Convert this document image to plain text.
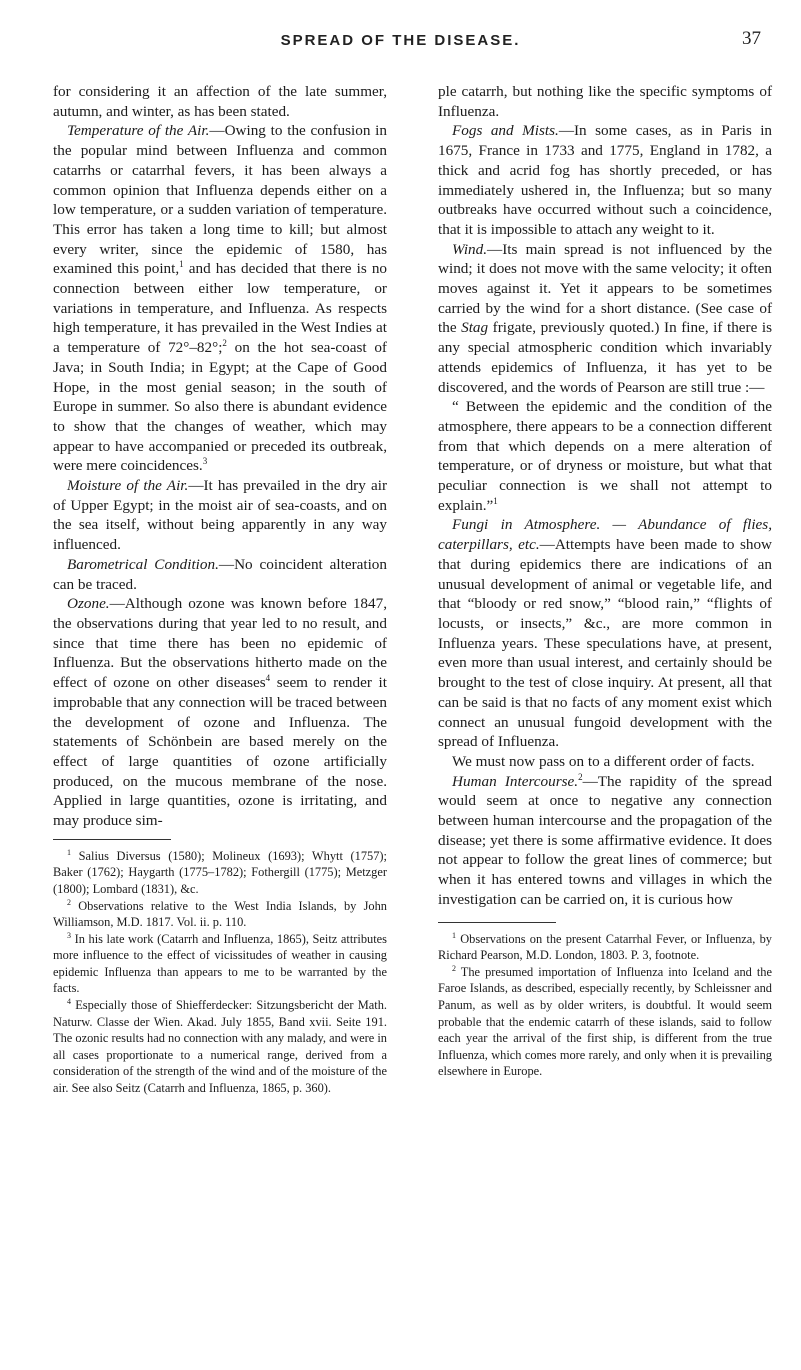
SPREAD OF THE DISEASE.	37

for considering it an affection of the late summer, autumn, and winter, as has been stated.

Temperature of the Air.—Owing to the confusion in the popular mind between Influenza and common catarrhs or catarrhal fevers, it has been always a common opinion that Influenza depends either on a low temperature, or a sudden variation of temperature. This error has taken a long time to kill; but almost every writer, since the epidemic of 1580, has examined this point,$^1$ and has decided that there is no connection between either low temperature, or variations in temperature, and Influenza. As respects high temperature, it has prevailed in the West Indies at a temperature of 72°–82°;$^2$ on the hot sea-coast of Java; in South India; in Egypt; at the Cape of Good Hope, in the most genial season; in the south of Europe in summer. So also there is abundant evidence to show that the changes of weather, which may appear to have accompanied or preceded its outbreak, were mere coincidences.$^3$

Moisture of the Air.—It has prevailed in the dry air of Upper Egypt; in the moist air of sea-coasts, and on the sea itself, without being apparently in any way influenced.

Barometrical Condition.—No coincident alteration can be traced.

Ozone.—Although ozone was known before 1847, the observations during that year led to no result, and since that time there has been no epidemic of Influenza. But the observations hitherto made on the effect of ozone on other diseases$^4$ seem to render it improbable that any connection will be traced between the development of ozone and Influenza. The statements of Schönbein are based merely on the effect of large quantities of ozone artificially produced, on the mucous membrane of the nose. Applied in large quantities, ozone is irritating, and may produce sim-

$^1$ Salius Diversus (1580); Molineux (1693); Whytt (1757); Baker (1762); Haygarth (1775–1782); Fothergill (1775); Metzger (1800); Lombard (1831), &c.

$^2$ Observations relative to the West India Islands, by John Williamson, M.D. 1817. Vol. ii. p. 110.

$^3$ In his late work (Catarrh and Influenza, 1865), Seitz attributes more influence to the effect of vicissitudes of weather in causing epidemic Influenza than appears to me to be warranted by the facts.

$^4$ Especially those of Shiefferdecker: Sitzungsbericht der Math. Naturw. Classe der Wien. Akad. July 1855, Band xvii. Seite 191. The ozonic results had no connection with any malady, and were in all cases proportionate to a numerical range, derived from a consideration of the strength of the wind and of the moisture of the air. See also Seitz (Catarrh and Influenza, 1865, p. 360).

ple catarrh, but nothing like the specific symptoms of Influenza.

Fogs and Mists.—In some cases, as in Paris in 1675, France in 1733 and 1775, England in 1782, a thick and acrid fog has shortly preceded, or has immediately ushered in, the Influenza; but so many outbreaks have occurred without such a coincidence, that it is impossible to attach any weight to it.

Wind.—Its main spread is not influenced by the wind; it does not move with the same velocity; it often moves against it. Yet it appears to be sometimes carried by the wind for a short distance. (See case of the Stag frigate, previously quoted.) In fine, if there is any special atmospheric condition which invariably attends epidemics of Influenza, it has yet to be discovered, and the words of Pearson are still true :—

“ Between the epidemic and the condition of the atmosphere, there appears to be a connection different from that which depends on a mere alteration of temperature, or of dryness or moisture, but what that peculiar connection is we shall not attempt to explain.”$^1$

Fungi in Atmosphere. — Abundance of flies, caterpillars, etc.—Attempts have been made to show that during epidemics there are indications of an unusual development of animal or vegetable life, and that “bloody or red snow,” “blood rain,” “flights of locusts, or insects,” &c., are more common in Influenza years. These speculations have, at present, even more than usual interest, and certainly should be brought to the test of close inquiry. At present, all that can be said is that no facts of any moment exist which connect an unusual fungoid development with the spread of Influenza.

We must now pass on to a different order of facts.

Human Intercourse.$^2$—The rapidity of the spread would seem at once to negative any connection between human intercourse and the propagation of the disease; yet there is some affirmative evidence. It does not appear to follow the great lines of commerce; but when it has entered towns and villages in which the investigation can be carried on, it is curious how

$^1$ Observations on the present Catarrhal Fever, or Influenza, by Richard Pearson, M.D. London, 1803. P. 3, footnote.

$^2$ The presumed importation of Influenza into Iceland and the Faroe Islands, as described, especially recently, by Schleissner and Panum, as well as by older writers, is doubtful. It would seem probable that the endemic catarrh of these islands, said to follow each year the arrival of the first ship, is different from the true Influenza, which comes more rarely, and only when it is prevailing elsewhere in Europe.
